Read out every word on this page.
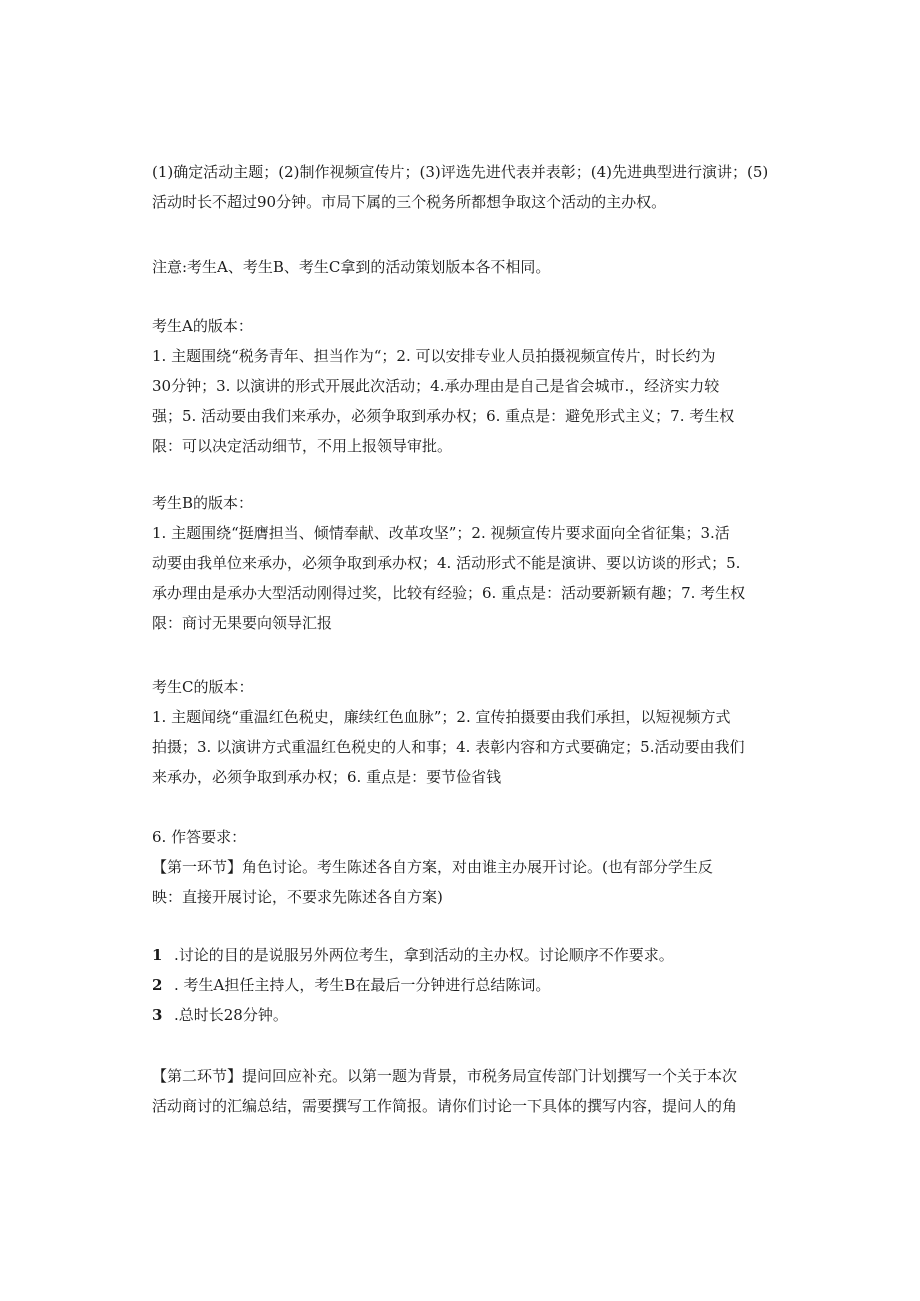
(1)确定活动主题；(2)制作视频宣传片；(3)评选先进代表并表彰；(4)先进典型进行演讲；(5)

活动时长不超过90分钟。市局下属的三个税务所都想争取这个活动的主办权。

注意:考生A、考生B、考生C拿到的活动策划版本各不相同。

考生A的版本：

1. 主题围绕“税务青年、担当作为“；2. 可以安排专业人员拍摄视频宣传片，时长约为

30分钟；3. 以演讲的形式开展此次活动；4.承办理由是自己是省会城市.，经济实力较

强；5. 活动要由我们来承办，必须争取到承办权；6. 重点是：避免形式主义；7. 考生权

限：可以决定活动细节，不用上报领导审批。

考生B的版本：

1. 主题围绕“挺膺担当、倾情奉献、改革攻坚”；2. 视频宣传片要求面向全省征集；3.活

动要由我单位来承办，必须争取到承办权；4. 活动形式不能是演讲、要以访谈的形式；5.

承办理由是承办大型活动刚得过奖，比较有经验；6. 重点是：活动要新颖有趣；7. 考生权

限：商讨无果要向领导汇报

考生C的版本：

1. 主题闻绕“重温红色税史，廉续红色血脉”；2. 宣传拍摄要由我们承担，以短视频方式

拍摄；3. 以演讲方式重温红色税史的人和事；4. 表彰内容和方式要确定；5.活动要由我们

来承办，必须争取到承办权；6. 重点是：要节俭省钱

6. 作答要求：

【第一环节】角色讨论。考生陈述各自方案，对由谁主办展开讨论。(也有部分学生反

映：直接开展讨论，不要求先陈述各自方案)

1 .讨论的目的是说服另外两位考生，拿到活动的主办权。讨论顺序不作要求。
2 . 考生A担任主持人，考生B在最后一分钟进行总结陈词。
3 .总时长28分钟。

【第二环节】提问回应补充。以第一题为背景，市税务局宣传部门计划撰写一个关于本次

活动商讨的汇编总结，需要撰写工作简报。请你们讨论一下具体的撰写内容，提问人的角
